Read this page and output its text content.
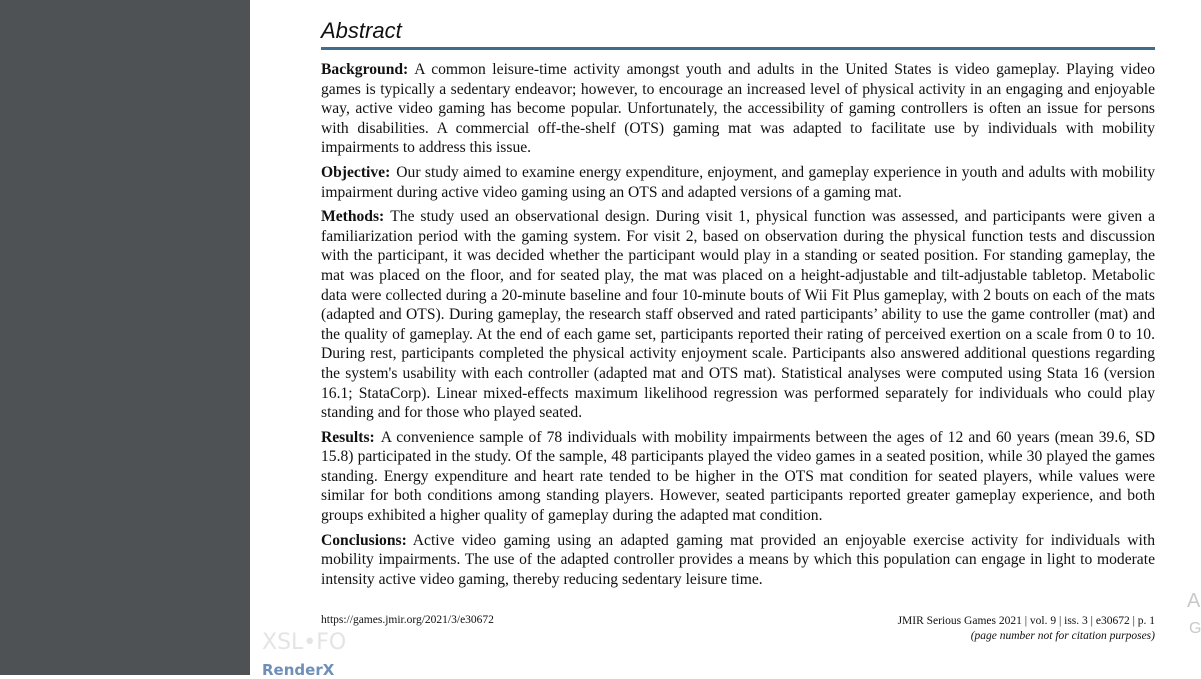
Abstract

Background: A common leisure-time activity amongst youth and adults in the United States is video gameplay. Playing video games is typically a sedentary endeavor; however, to encourage an increased level of physical activity in an engaging and enjoyable way, active video gaming has become popular. Unfortunately, the accessibility of gaming controllers is often an issue for persons with disabilities. A commercial off-the-shelf (OTS) gaming mat was adapted to facilitate use by individuals with mobility impairments to address this issue.

Objective: Our study aimed to examine energy expenditure, enjoyment, and gameplay experience in youth and adults with mobility impairment during active video gaming using an OTS and adapted versions of a gaming mat.

Methods: The study used an observational design. During visit 1, physical function was assessed, and participants were given a familiarization period with the gaming system. For visit 2, based on observation during the physical function tests and discussion with the participant, it was decided whether the participant would play in a standing or seated position. For standing gameplay, the mat was placed on the floor, and for seated play, the mat was placed on a height-adjustable and tilt-adjustable tabletop. Metabolic data were collected during a 20-minute baseline and four 10-minute bouts of Wii Fit Plus gameplay, with 2 bouts on each of the mats (adapted and OTS). During gameplay, the research staff observed and rated participants’ ability to use the game controller (mat) and the quality of gameplay. At the end of each game set, participants reported their rating of perceived exertion on a scale from 0 to 10. During rest, participants completed the physical activity enjoyment scale. Participants also answered additional questions regarding the system's usability with each controller (adapted mat and OTS mat). Statistical analyses were computed using Stata 16 (version 16.1; StataCorp). Linear mixed-effects maximum likelihood regression was performed separately for individuals who could play standing and for those who played seated.

Results: A convenience sample of 78 individuals with mobility impairments between the ages of 12 and 60 years (mean 39.6, SD 15.8) participated in the study. Of the sample, 48 participants played the video games in a seated position, while 30 played the games standing. Energy expenditure and heart rate tended to be higher in the OTS mat condition for seated players, while values were similar for both conditions among standing players. However, seated participants reported greater gameplay experience, and both groups exhibited a higher quality of gameplay during the adapted mat condition.

Conclusions: Active video gaming using an adapted gaming mat provided an enjoyable exercise activity for individuals with mobility impairments. The use of the adapted controller provides a means by which this population can engage in light to moderate intensity active video gaming, thereby reducing sedentary leisure time.

https://games.jmir.org/2021/3/e30672	JMIR Serious Games 2021 | vol. 9 | iss. 3 | e30672 | p. 1
(page number not for citation purposes)
XSL•FO
RenderX
A
G
